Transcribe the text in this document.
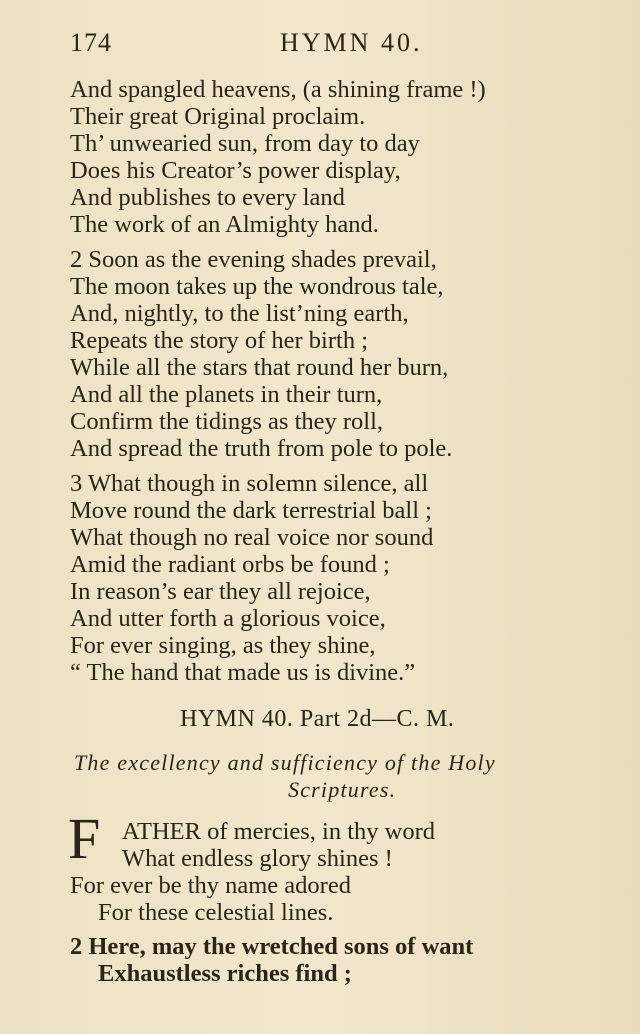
174	HYMN 40.
And spangled heavens, (a shining frame !)
Their great Original proclaim.
Th’ unwearied sun, from day to day
Does his Creator’s power display,
And publishes to every land
The work of an Almighty hand.
2 Soon as the evening shades prevail,
The moon takes up the wondrous tale,
And, nightly, to the list’ning earth,
Repeats the story of her birth ;
While all the stars that round her burn,
And all the planets in their turn,
Confirm the tidings as they roll,
And spread the truth from pole to pole.
3 What though in solemn silence, all
Move round the dark terrestrial ball ;
What though no real voice nor sound
Amid the radiant orbs be found ;
In reason’s ear they all rejoice,
And utter forth a glorious voice,
For ever singing, as they shine,
“ The hand that made us is divine.”
HYMN 40. Part 2d—C. M.
The excellency and sufficiency of the Holy
Scriptures.
F ATHER of mercies, in thy word
What endless glory shines !
For ever be thy name adored
For these celestial lines.
2 Here, may the wretched sons of want
Exhaustless riches find ;
